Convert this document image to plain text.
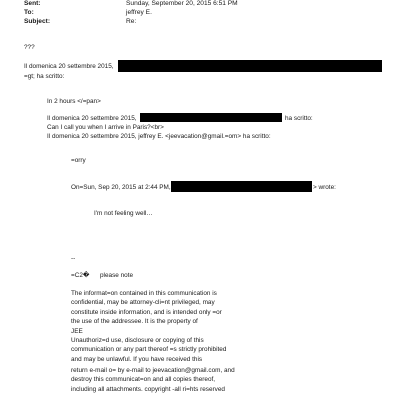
Sent:	Sunday, September 20, 2015 6:51 PM
To:	jeffrey E.
Subject:	Re:
???
Il domenica 20 settembre 2015,
=gt; ha scritto:
In 2 hours </=pan>
Il domenica 20 settembre 2015,	ha scritto:
Can I call you when I arrive in Paris?<br>
Il domenica 20 settembre 2015, jeffrey E. <jeevacation@gmail.=om> ha scritto:
=orry
On=Sun, Sep 20, 2015 at 2:44 PM,	> wrote:
I'm not feeling well…
--
=C2� please note
The informat=on contained in this communication is
confidential, may be attorney-cli=nt privileged, may
constitute inside information, and is intended only =or
the use of the addressee. It is the property of
JEE
Unauthoriz=d use, disclosure or copying of this
communication or any part thereof =s strictly prohibited
and may be unlawful. If you have received this
return e-mail o= by e-mail to jeevacation@gmail.com, and
destroy this communicat=on and all copies thereof,
including all attachments. copyright -all ri=hts reserved
